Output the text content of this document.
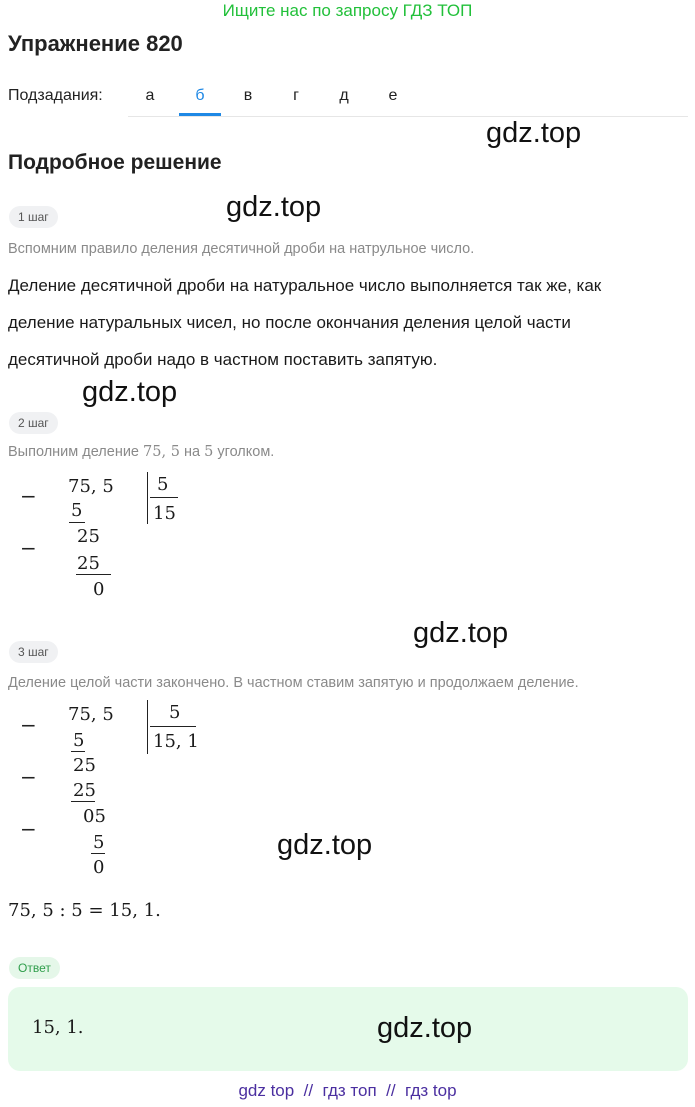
Ищите нас по запросу ГДЗ ТОП
Упражнение 820
Подзадания:	а	б	в	г	д	е
gdz.top
Подробное решение
1 шаг	gdz.top
Вспомним правило деления десятичной дроби на натрульное число.
Деление десятичной дроби на натуральное число выполняется так же, как
деление натуральных чисел, но после окончания деления целой части
десятичной дроби надо в частном поставить запятую.
gdz.top
2 шаг
Выполним деление 75, 5 на 5 уголком.
−
−
75, 5 5
15
5
25
25
0
gdz.top
3 шаг
Деление целой части закончено. В частном ставим запятую и продолжаем деление.
−
−
−
75, 5	5
15, 1
5
25
25
05
5
0
gdz.top
75, 5 : 5 = 15, 1.
Ответ
15, 1.	gdz.top
gdz top  //  гдз топ  //  гдз top
